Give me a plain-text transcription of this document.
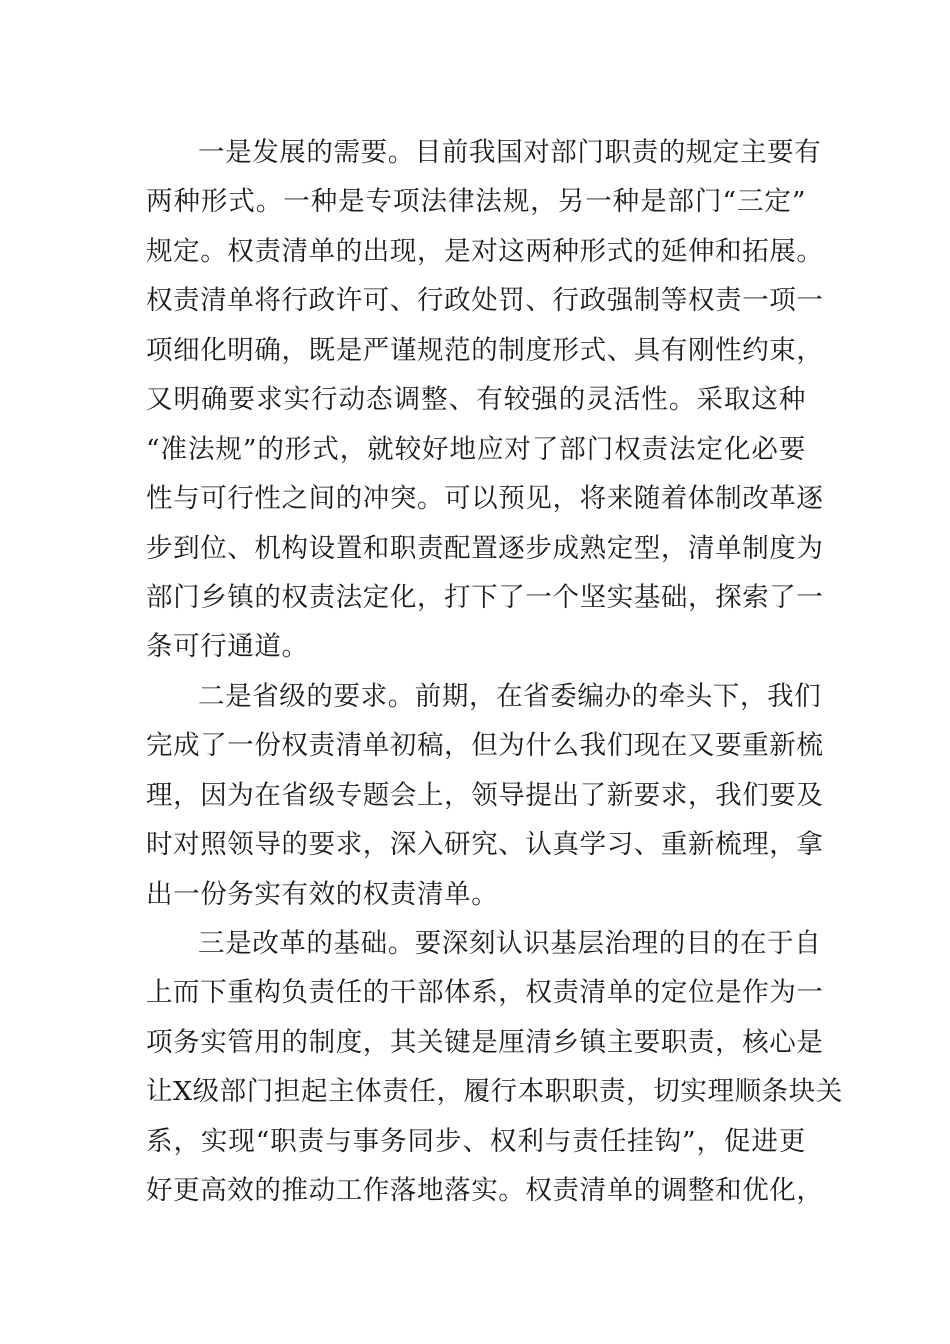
一是发展的需要。目前我国对部门职责的规定主要有
两种形式。一种是专项法律法规，另一种是部门“三定”
规定。权责清单的出现，是对这两种形式的延伸和拓展。
权责清单将行政许可、行政处罚、行政强制等权责一项一
项细化明确，既是严谨规范的制度形式、具有刚性约束，
又明确要求实行动态调整、有较强的灵活性。采取这种
“准法规”的形式，就较好地应对了部门权责法定化必要
性与可行性之间的冲突。可以预见，将来随着体制改革逐
步到位、机构设置和职责配置逐步成熟定型，清单制度为
部门乡镇的权责法定化，打下了一个坚实基础，探索了一
条可行通道。
二是省级的要求。前期，在省委编办的牵头下，我们
完成了一份权责清单初稿，但为什么我们现在又要重新梳
理，因为在省级专题会上，领导提出了新要求，我们要及
时对照领导的要求，深入研究、认真学习、重新梳理，拿
出一份务实有效的权责清单。
三是改革的基础。要深刻认识基层治理的目的在于自
上而下重构负责任的干部体系，权责清单的定位是作为一
项务实管用的制度，其关键是厘清乡镇主要职责，核心是
让X级部门担起主体责任，履行本职职责，切实理顺条块关
系，实现“职责与事务同步、权利与责任挂钩”，促进更
好更高效的推动工作落地落实。权责清单的调整和优化，
